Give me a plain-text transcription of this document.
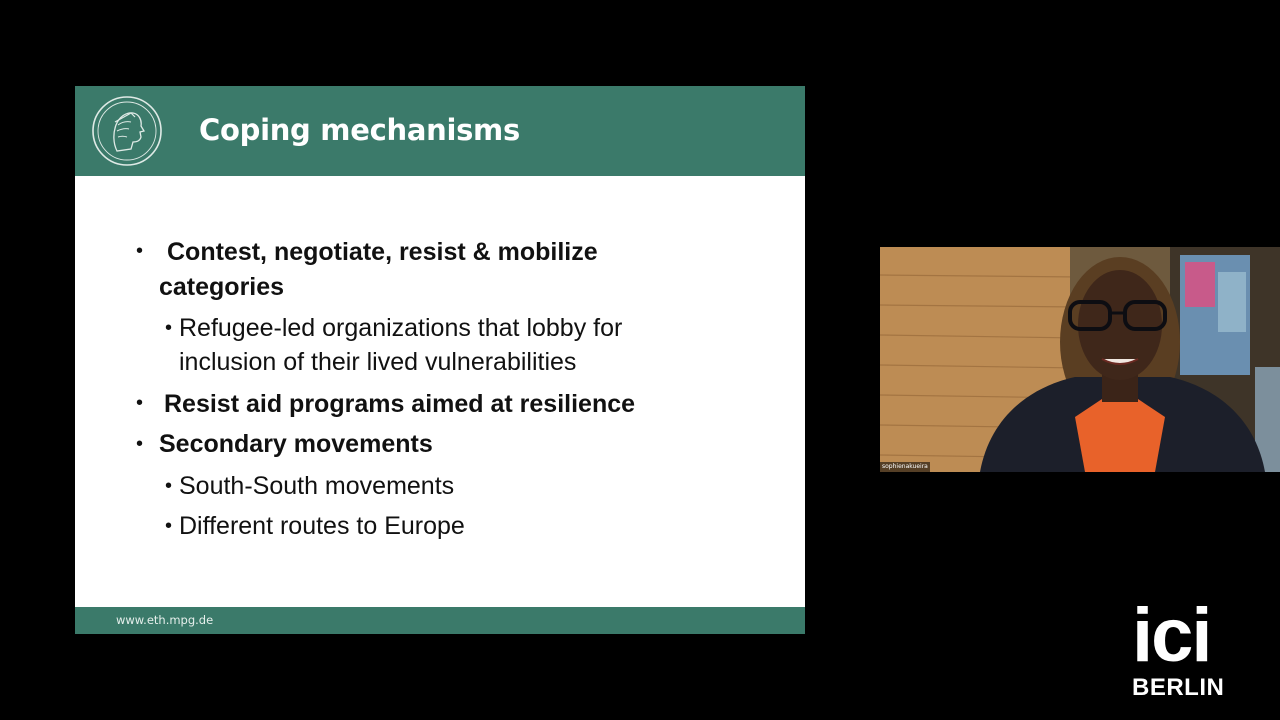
Coping mechanisms
• Contest, negotiate, resist & mobilize
categories
• Refugee-led organizations that lobby for
inclusion of their lived vulnerabilities
• Resist aid programs aimed at resilience
• Secondary movements
• South-South movements
• Different routes to Europe
www.eth.mpg.de
sophienakueira
ici
BERLIN
